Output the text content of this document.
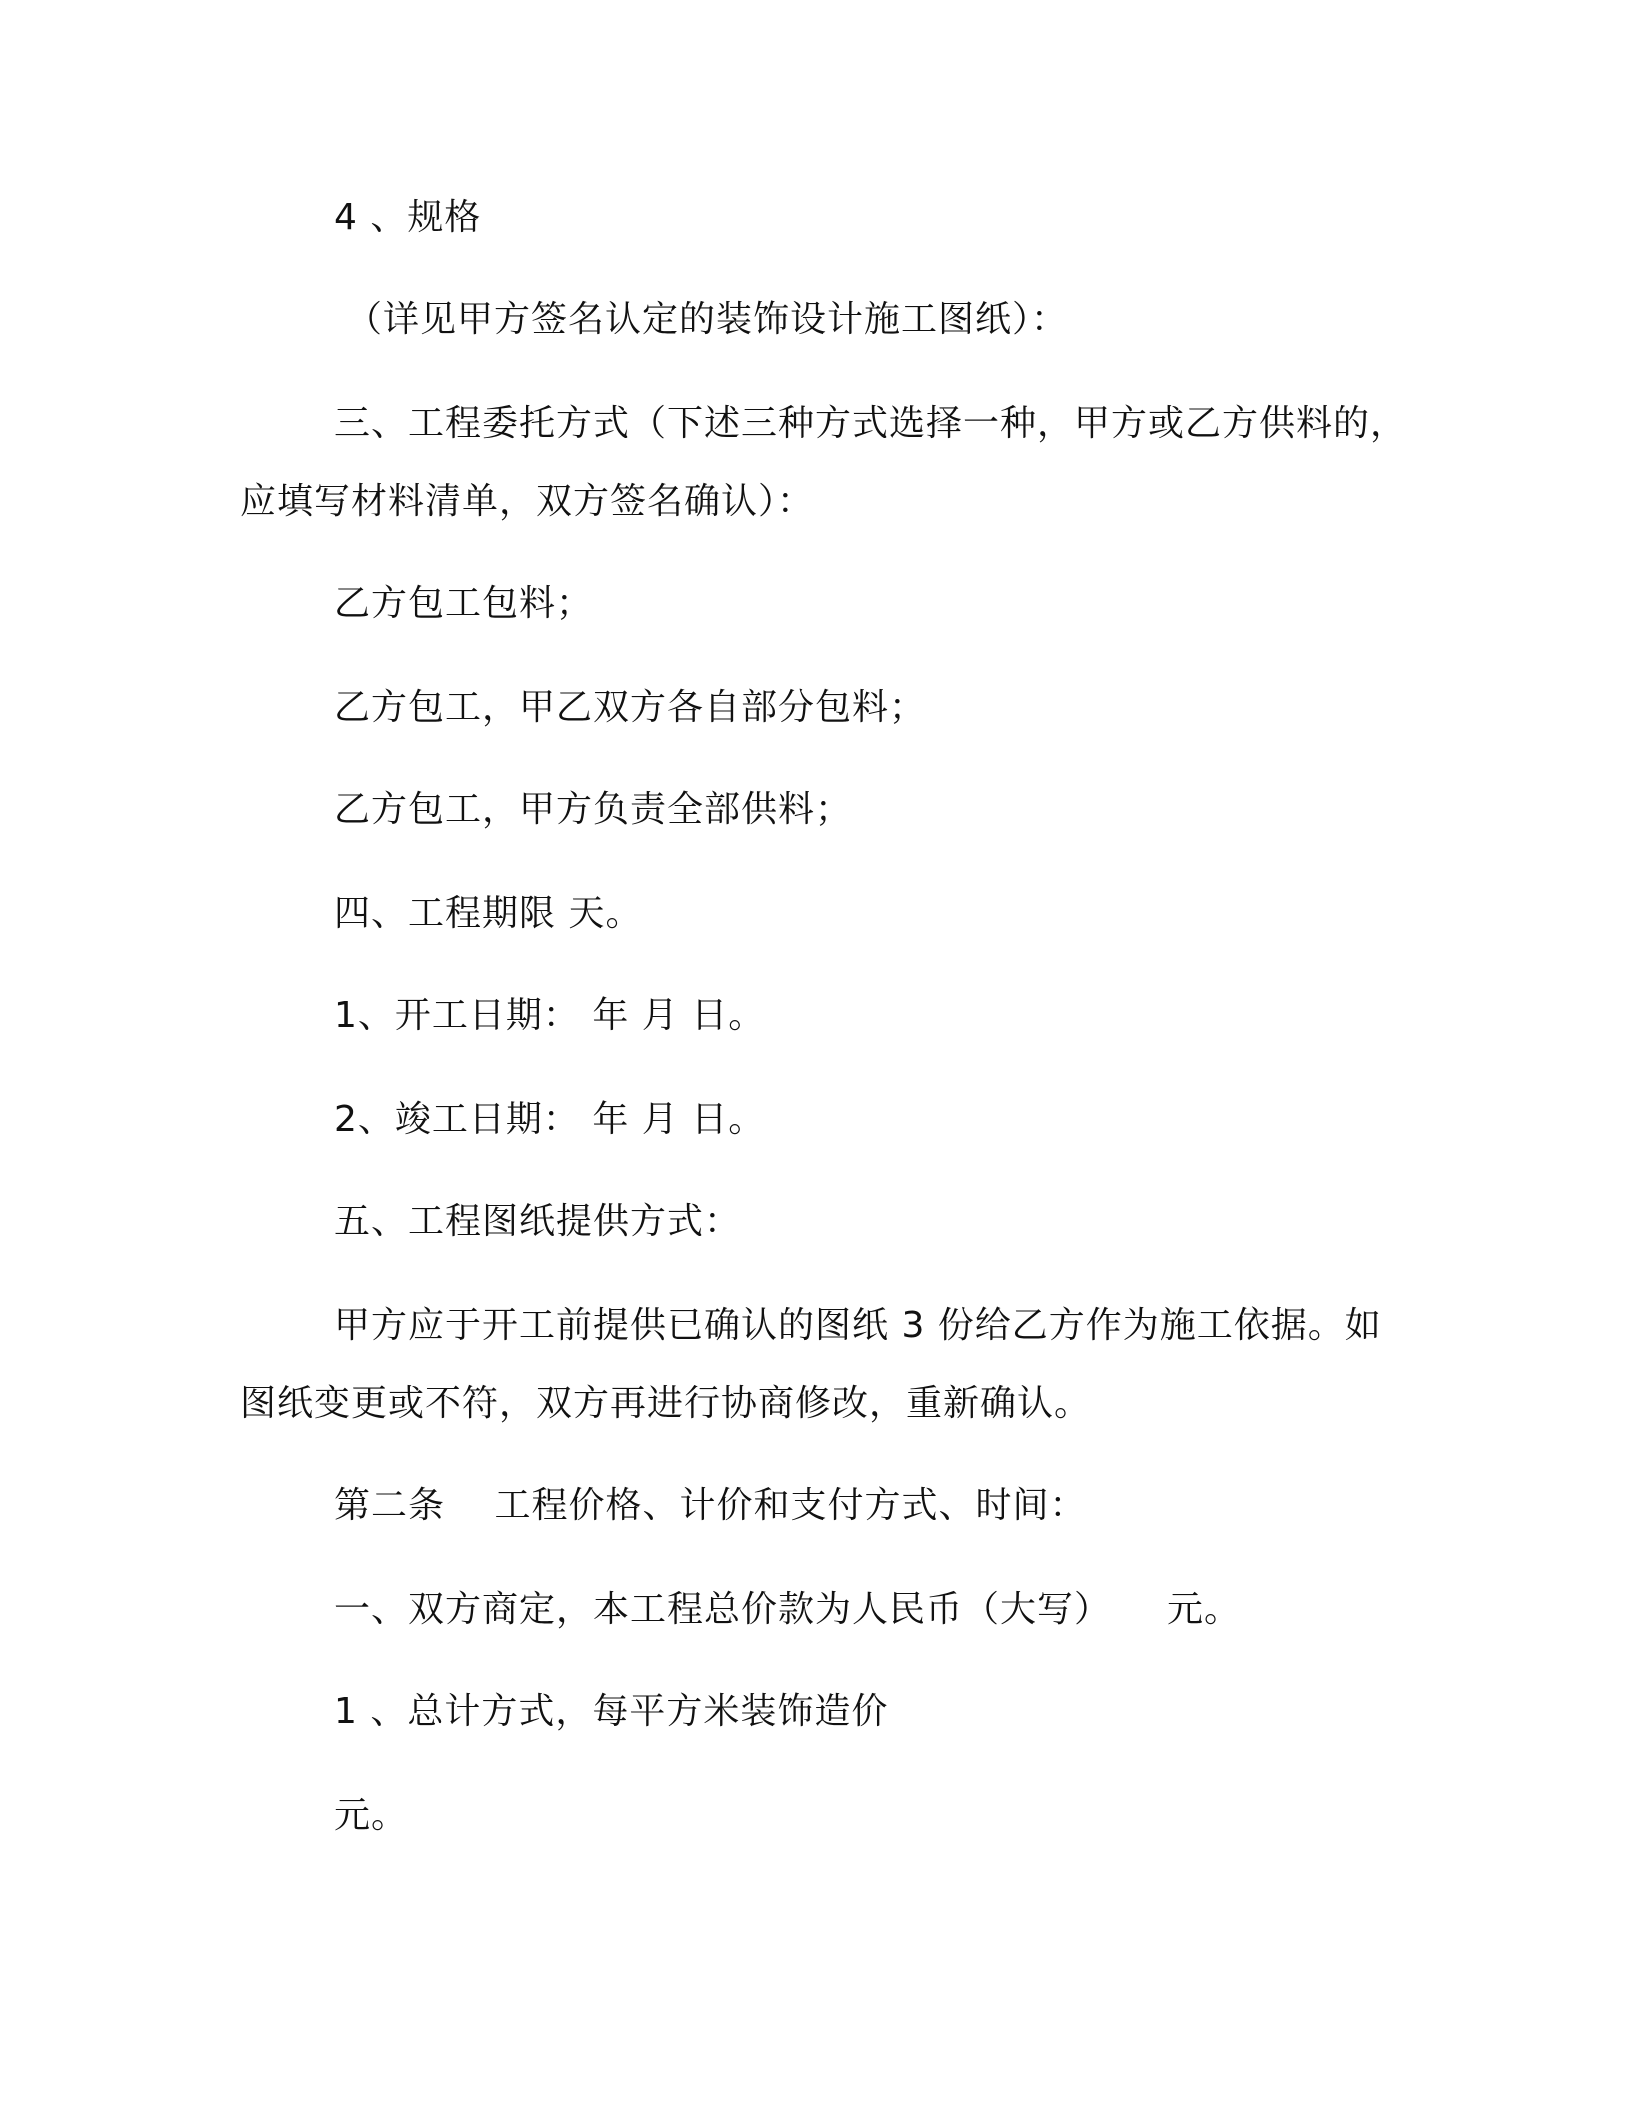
4 、规格
（详见甲方签名认定的装饰设计施工图纸）：
三、工程委托方式（下述三种方式选择一种，甲方或乙方供料的，
应填写材料清单，双方签名确认）：
乙方包工包料；
乙方包工，甲乙双方各自部分包料；
乙方包工，甲方负责全部供料；
四、工程期限 天。
1、开工日期： 年 月 日。
2、竣工日期： 年 月 日。
五、工程图纸提供方式：
甲方应于开工前提供已确认的图纸 3 份给乙方作为施工依据。如
图纸变更或不符，双方再进行协商修改，重新确认。
第二条　 工程价格、计价和支付方式、时间：
一、双方商定，本工程总价款为人民币（大写）　　元。
1 、总计方式，每平方米装饰造价
元。
